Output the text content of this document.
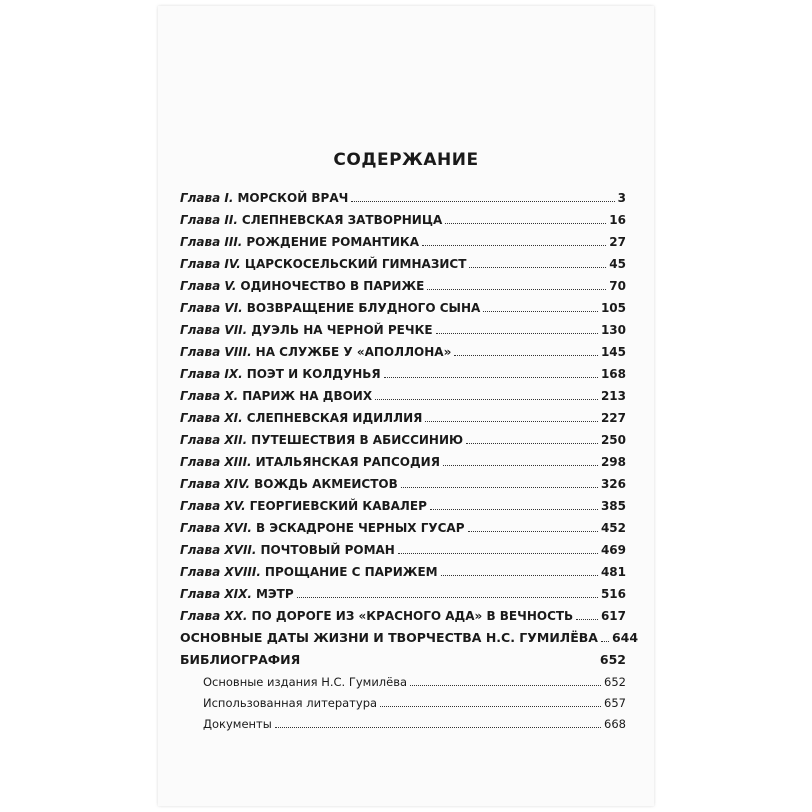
СОДЕРЖАНИЕ
Глава I. МОРСКОЙ ВРАЧ	3
Глава II. СЛЕПНЕВСКАЯ ЗАТВОРНИЦА	16
Глава III. РОЖДЕНИЕ РОМАНТИКА	27
Глава IV. ЦАРСКОСЕЛЬСКИЙ ГИМНАЗИСТ	45
Глава V. ОДИНОЧЕСТВО В ПАРИЖЕ	70
Глава VI. ВОЗВРАЩЕНИЕ БЛУДНОГО СЫНА	105
Глава VII. ДУЭЛЬ НА ЧЕРНОЙ РЕЧКЕ	130
Глава VIII. НА СЛУЖБЕ У «АПОЛЛОНА»	145
Глава IX. ПОЭТ И КОЛДУНЬЯ	168
Глава X. ПАРИЖ НА ДВОИХ	213
Глава XI. СЛЕПНЕВСКАЯ ИДИЛЛИЯ	227
Глава XII. ПУТЕШЕСТВИЯ В АБИССИНИЮ	250
Глава XIII. ИТАЛЬЯНСКАЯ РАПСОДИЯ	298
Глава XIV. ВОЖДЬ АКМЕИСТОВ	326
Глава XV. ГЕОРГИЕВСКИЙ КАВАЛЕР	385
Глава XVI. В ЭСКАДРОНЕ ЧЕРНЫХ ГУСАР	452
Глава XVII. ПОЧТОВЫЙ РОМАН	469
Глава XVIII. ПРОЩАНИЕ С ПАРИЖЕМ	481
Глава XIX. МЭТР	516
Глава XX. ПО ДОРОГЕ ИЗ «КРАСНОГО АДА» В ВЕЧНОСТЬ 617
ОСНОВНЫЕ ДАТЫ ЖИЗНИ И ТВОРЧЕСТВА Н.С. ГУМИЛЁВА 644
БИБЛИОГРАФИЯ	652
Основные издания Н.С. Гумилёва	652
Использованная литература	657
Документы	668
